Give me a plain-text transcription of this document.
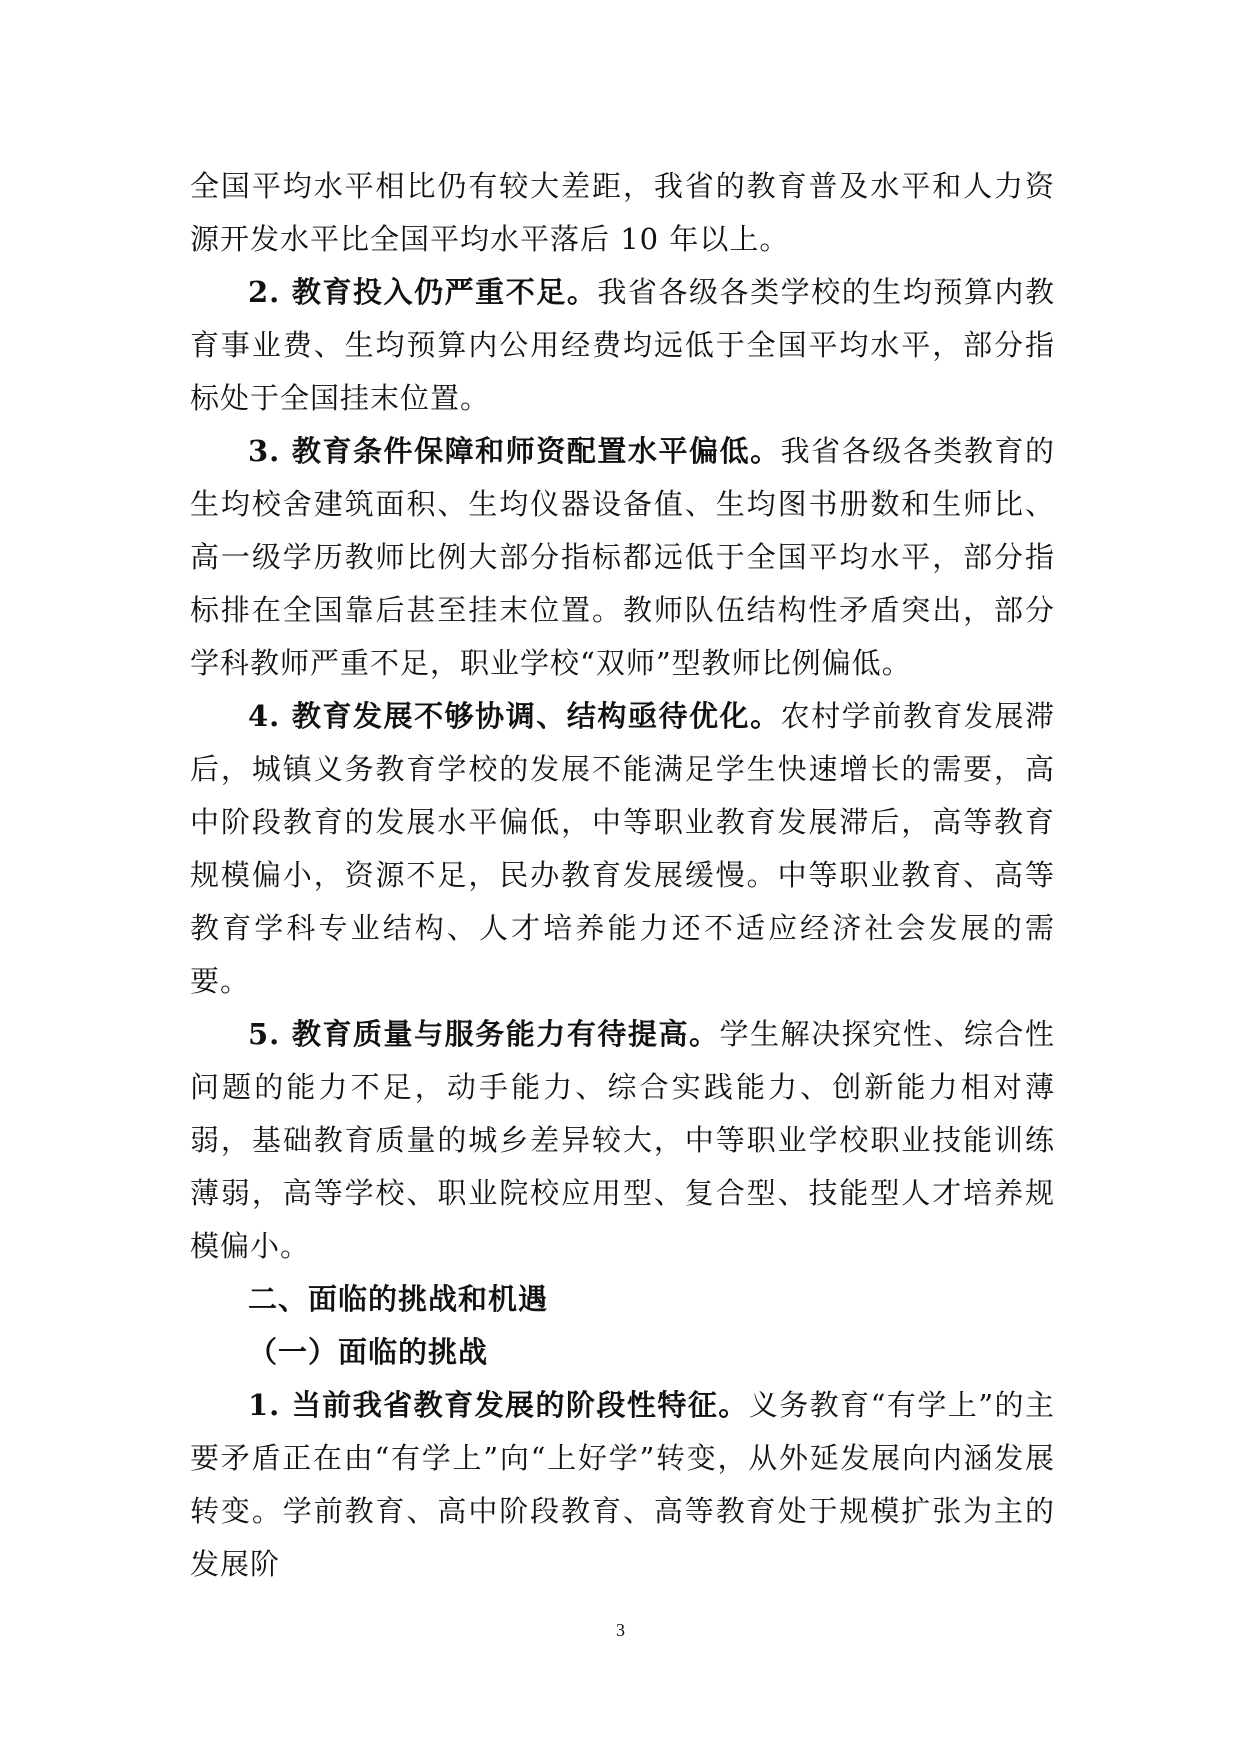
全国平均水平相比仍有较大差距，我省的教育普及水平和人力资源开发水平比全国平均水平落后 10 年以上。

2. 教育投入仍严重不足。我省各级各类学校的生均预算内教育事业费、生均预算内公用经费均远低于全国平均水平，部分指标处于全国挂末位置。

3. 教育条件保障和师资配置水平偏低。我省各级各类教育的生均校舍建筑面积、生均仪器设备值、生均图书册数和生师比、高一级学历教师比例大部分指标都远低于全国平均水平，部分指标排在全国靠后甚至挂末位置。教师队伍结构性矛盾突出，部分学科教师严重不足，职业学校“双师”型教师比例偏低。

4. 教育发展不够协调、结构亟待优化。农村学前教育发展滞后，城镇义务教育学校的发展不能满足学生快速增长的需要，高中阶段教育的发展水平偏低，中等职业教育发展滞后，高等教育规模偏小，资源不足，民办教育发展缓慢。中等职业教育、高等教育学科专业结构、人才培养能力还不适应经济社会发展的需要。

5. 教育质量与服务能力有待提高。学生解决探究性、综合性问题的能力不足，动手能力、综合实践能力、创新能力相对薄弱，基础教育质量的城乡差异较大，中等职业学校职业技能训练薄弱，高等学校、职业院校应用型、复合型、技能型人才培养规模偏小。

二、面临的挑战和机遇

（一）面临的挑战

1. 当前我省教育发展的阶段性特征。义务教育“有学上”的主要矛盾正在由“有学上”向“上好学”转变，从外延发展向内涵发展转变。学前教育、高中阶段教育、高等教育处于规模扩张为主的发展阶

3
